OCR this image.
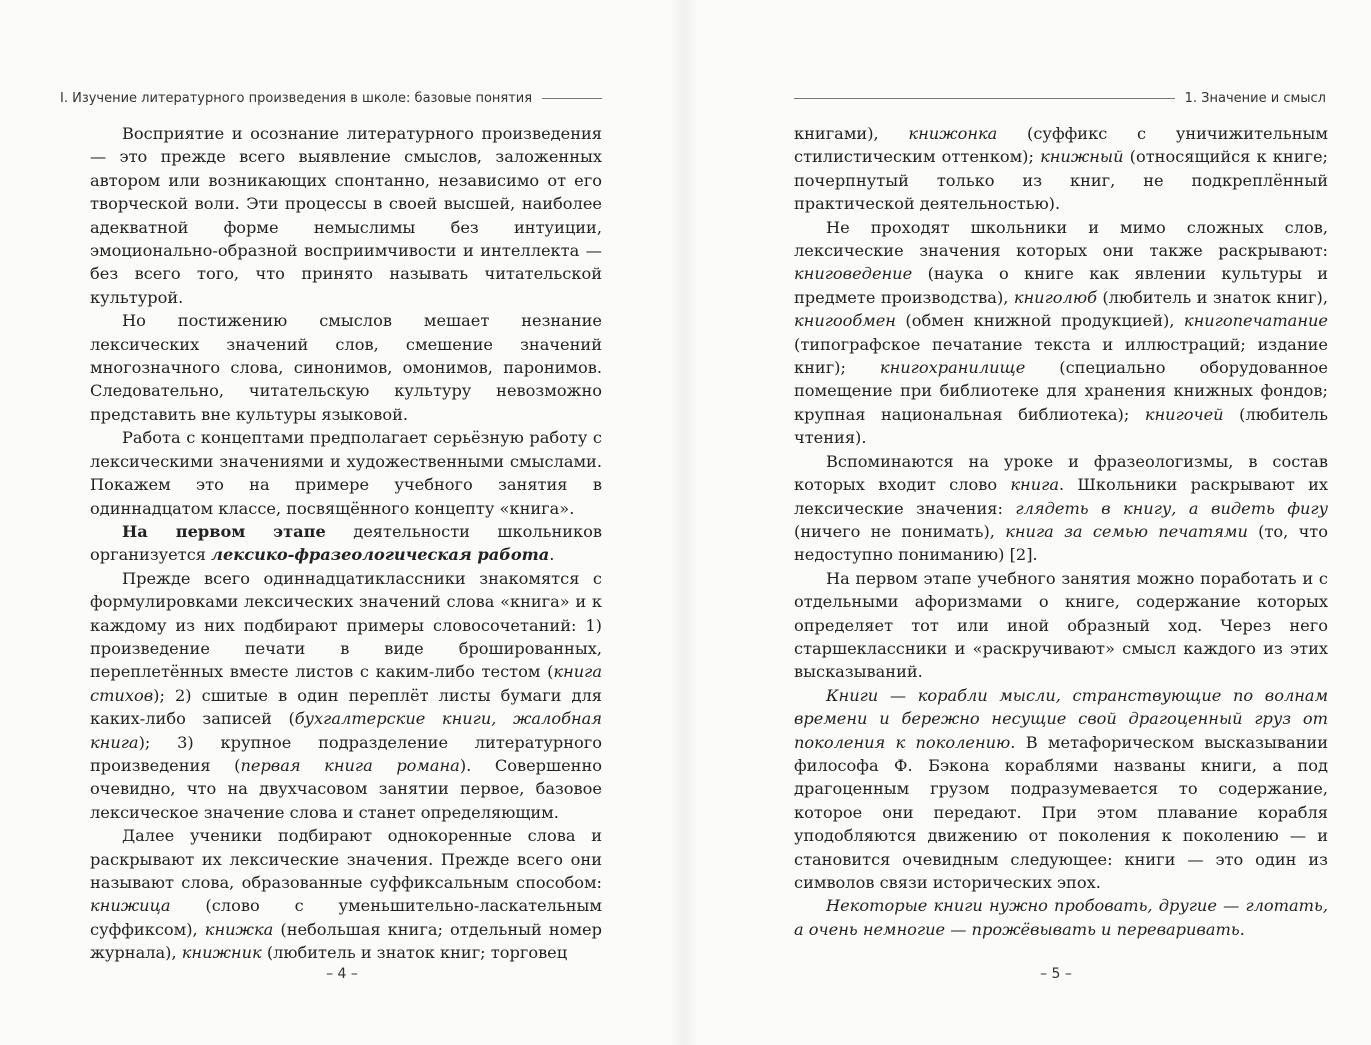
I. Изучение литературного произведения в школе: базовые понятия

Восприятие и осознание литературного произведения — это прежде всего выявление смыслов, заложенных автором или возникающих спонтанно, независимо от его творческой воли. Эти процессы в своей высшей, наиболее адекватной форме немыслимы без интуиции, эмоционально-образной восприимчивости и интеллекта — без всего того, что принято называть читательской культурой.

Но постижению смыслов мешает незнание лексических значений слов, смешение значений многозначного слова, синонимов, омонимов, паронимов. Следовательно, читательскую культуру невозможно представить вне культуры языковой.

Работа с концептами предполагает серьёзную работу с лексическими значениями и художественными смыслами. Покажем это на примере учебного занятия в одиннадцатом классе, посвящённого концепту «книга».

На первом этапе деятельности школьников организуется лексико-фразеологическая работа.

Прежде всего одиннадцатиклассники знакомятся с формулировками лексических значений слова «книга» и к каждому из них подбирают примеры словосочетаний: 1) произведение печати в виде брошированных, переплетённых вместе листов с каким-либо тестом (книга стихов); 2) сшитые в один переплёт листы бумаги для каких-либо записей (бухгалтерские книги, жалобная книга); 3) крупное подразделение литературного произведения (первая книга романа). Совершенно очевидно, что на двухчасовом занятии первое, базовое лексическое значение слова и станет определяющим.

Далее ученики подбирают однокоренные слова и раскрывают их лексические значения. Прежде всего они называют слова, образованные суффиксальным способом: книжица (слово с уменьшительно-ласкательным суффиксом), книжка (небольшая книга; отдельный номер журнала), книжник (любитель и знаток книг; торговец

– 4 –
1. Значение и смысл

книгами), книжонка (суффикс с уничижительным стилистическим оттенком); книжный (относящийся к книге; почерпнутый только из книг, не подкреплённый практической деятельностью).

Не проходят школьники и мимо сложных слов, лексические значения которых они также раскрывают: книговедение (наука о книге как явлении культуры и предмете производства), книголюб (любитель и знаток книг), книгообмен (обмен книжной продукцией), книгопечатание (типографское печатание текста и иллюстраций; издание книг); книгохранилище (специально оборудованное помещение при библиотеке для хранения книжных фондов; крупная национальная библиотека); книгочей (любитель чтения).

Вспоминаются на уроке и фразеологизмы, в состав которых входит слово книга. Школьники раскрывают их лексические значения: глядеть в книгу, а видеть фигу (ничего не понимать), книга за семью печатями (то, что недоступно пониманию) [2].

На первом этапе учебного занятия можно поработать и с отдельными афоризмами о книге, содержание которых определяет тот или иной образный ход. Через него старшеклассники и «раскручивают» смысл каждого из этих высказываний.

Книги — корабли мысли, странствующие по волнам времени и бережно несущие свой драгоценный груз от поколения к поколению. В метафорическом высказывании философа Ф. Бэкона кораблями названы книги, а под драгоценным грузом подразумевается то содержание, которое они передают. При этом плавание корабля уподобляются движению от поколения к поколению — и становится очевидным следующее: книги — это один из символов связи исторических эпох.

Некоторые книги нужно пробовать, другие — глотать, а очень немногие — прожёвывать и переваривать.

– 5 –
